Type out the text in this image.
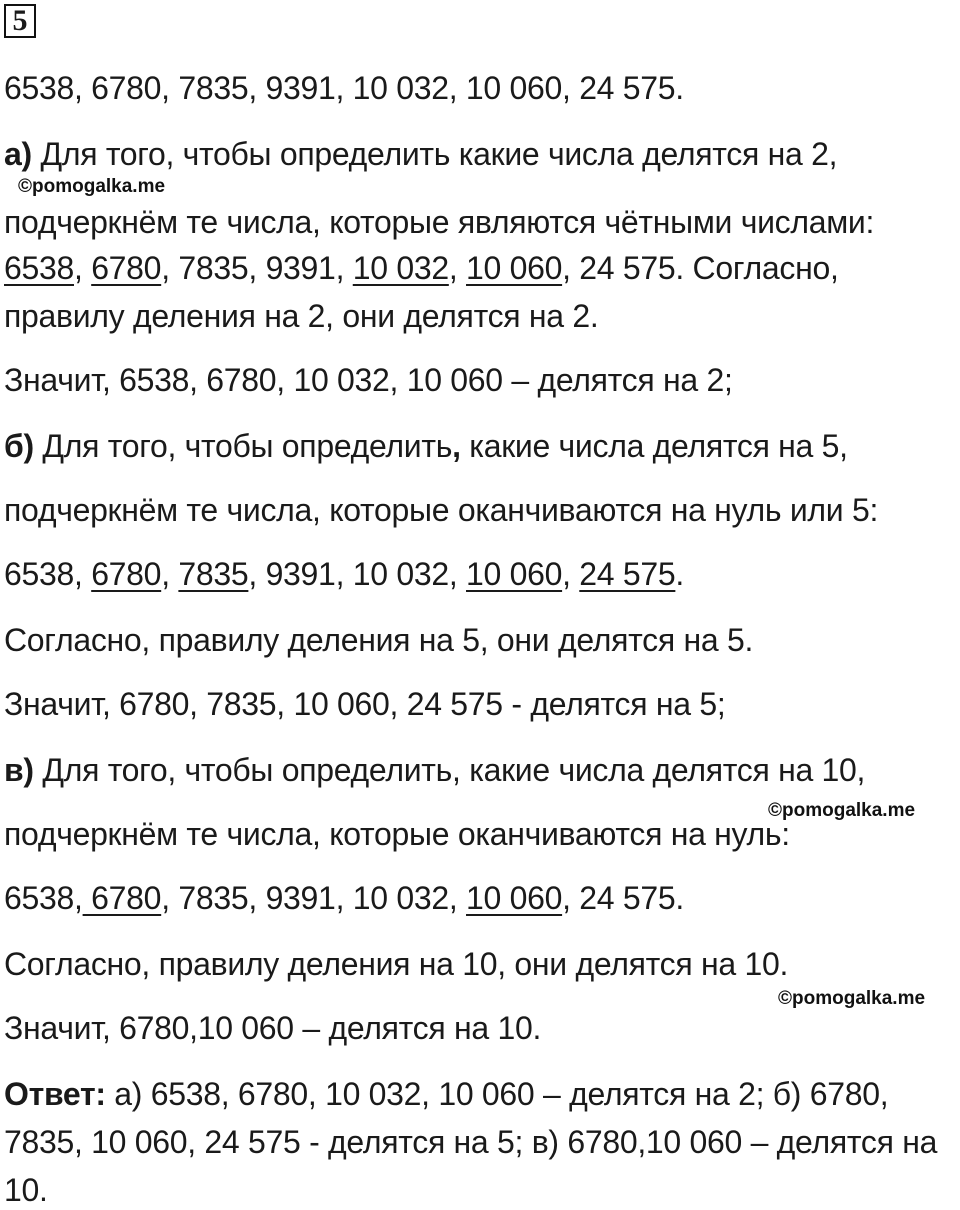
5
6538, 6780, 7835, 9391, 10 032, 10 060, 24 575.
а) Для того, чтобы определить какие числа делятся на 2,
©pomogalka.me
подчеркнём те числа, которые являются чётными числами:
6538, 6780, 7835, 9391, 10 032, 10 060, 24 575. Согласно,
правилу деления на 2, они делятся на 2.
Значит, 6538, 6780, 10 032, 10 060 – делятся на 2;
б) Для того, чтобы определить, какие числа делятся на 5,
подчеркнём те числа, которые оканчиваются на нуль или 5:
6538, 6780, 7835, 9391, 10 032, 10 060, 24 575.
Согласно, правилу деления на 5, они делятся на 5.
Значит, 6780, 7835, 10 060, 24 575 - делятся на 5;
в) Для того, чтобы определить, какие числа делятся на 10,
©pomogalka.me
подчеркнём те числа, которые оканчиваются на нуль:
6538, 6780, 7835, 9391, 10 032, 10 060, 24 575.
Согласно, правилу деления на 10, они делятся на 10.
©pomogalka.me
Значит, 6780,10 060 – делятся на 10.
Ответ: а) 6538, 6780, 10 032, 10 060 – делятся на 2; б) 6780,
7835, 10 060, 24 575 - делятся на 5; в) 6780,10 060 – делятся на
10.
